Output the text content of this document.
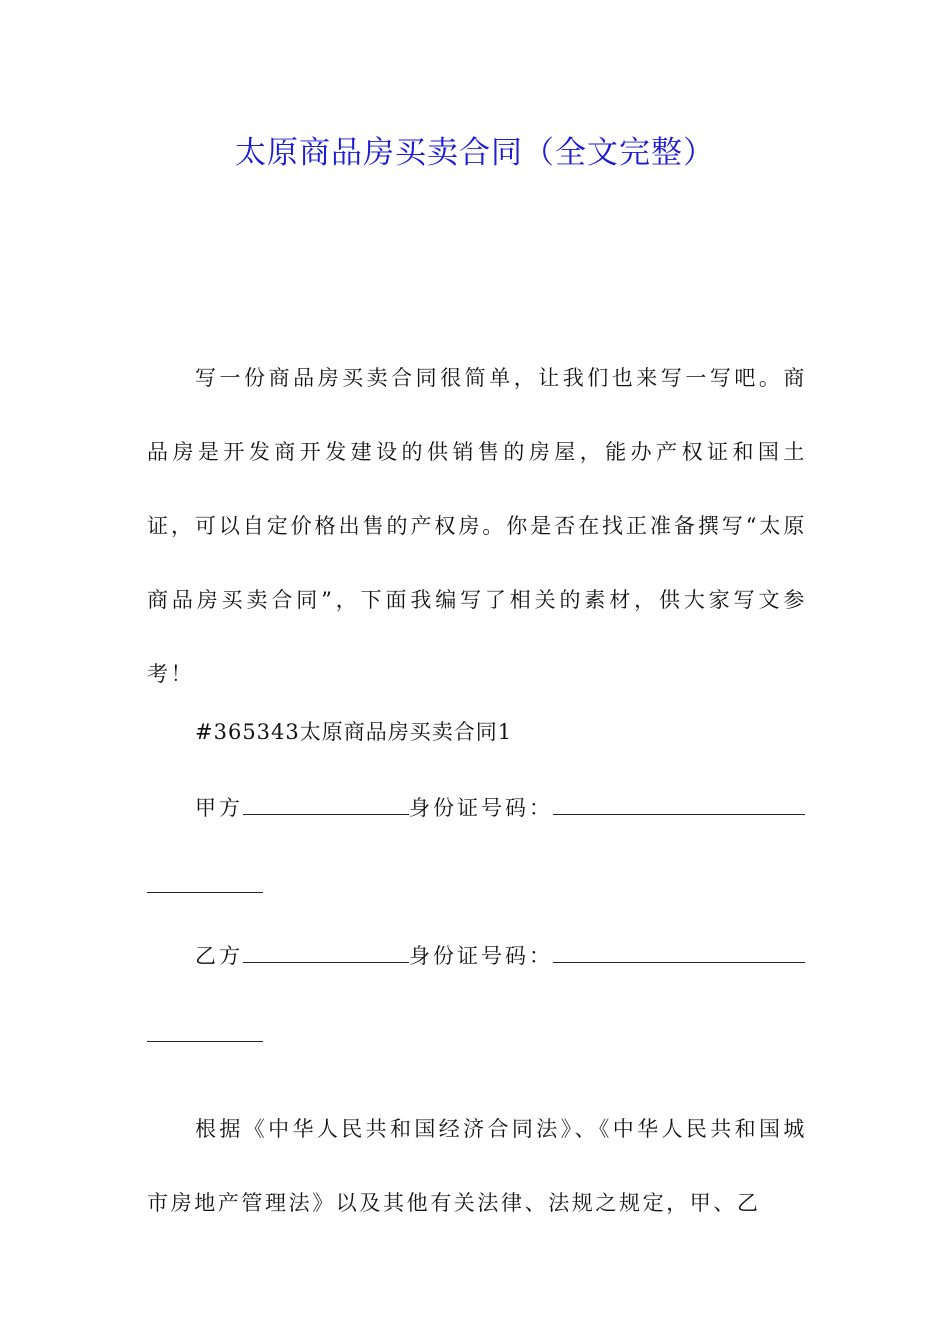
太原商品房买卖合同（全文完整）

写一份商品房买卖合同很简单，让我们也来写一写吧。商品房是开发商开发建设的供销售的房屋，能办产权证和国土证，可以自定价格出售的产权房。你是否在找正准备撰写“太原商品房买卖合同”，下面我编写了相关的素材，供大家写文参考！

#365343太原商品房买卖合同1
甲方	身份证号码：
乙方	身份证号码：

根据《中华人民共和国经济合同法》、《中华人民共和国城市房地产管理法》以及其他有关法律、法规之规定，甲、乙
